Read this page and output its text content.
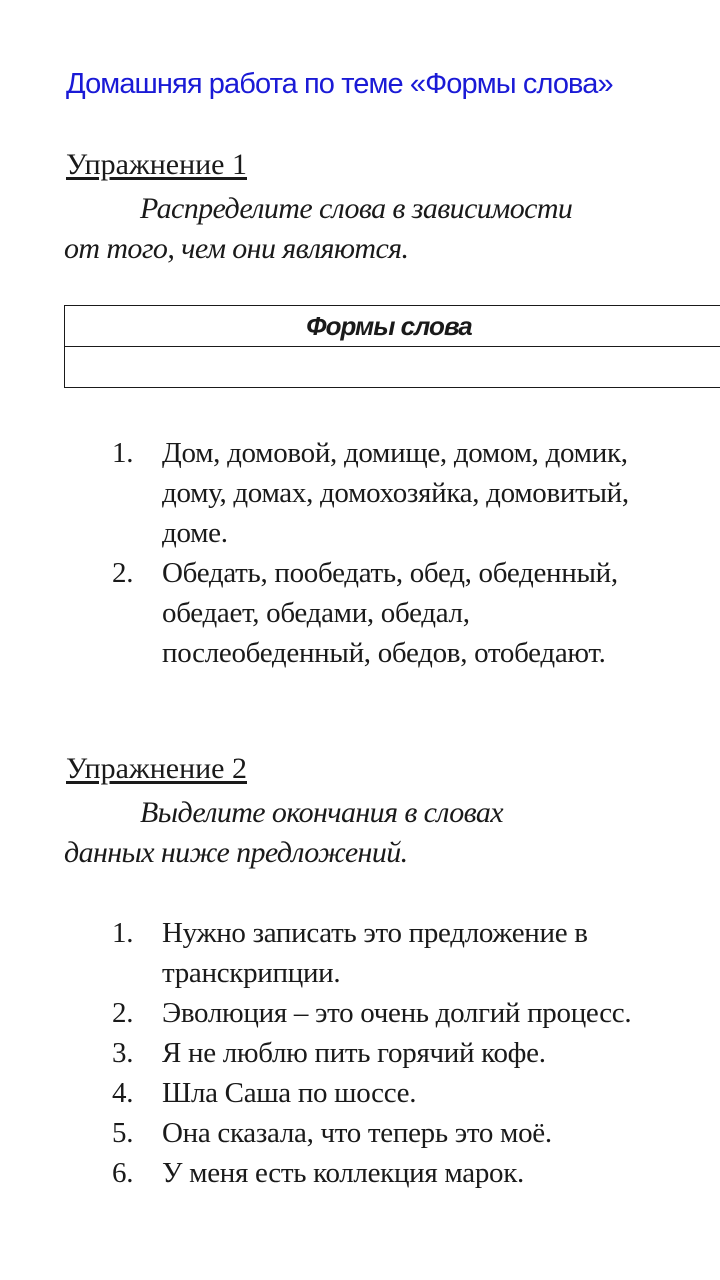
Домашняя работа по теме «Формы слова»
Упражнение 1
Распределите слова в зависимости
от того, чем они являются.
Формы слова

1. Дом, домовой, домище, домом, домик, дому, домах, домохозяйка, домовитый, доме.
2. Обедать, пообедать, обед, обеденный, обедает, обедами, обедал, послеобеденный, обедов, отобедают.
Упражнение 2
Выделите окончания в словах
данных ниже предложений.
1. Нужно записать это предложение в транскрипции.
2. Эволюция – это очень долгий процесс.
3. Я не люблю пить горячий кофе.
4. Шла Саша по шоссе.
5. Она сказала, что теперь это моё.
6. У меня есть коллекция марок.
